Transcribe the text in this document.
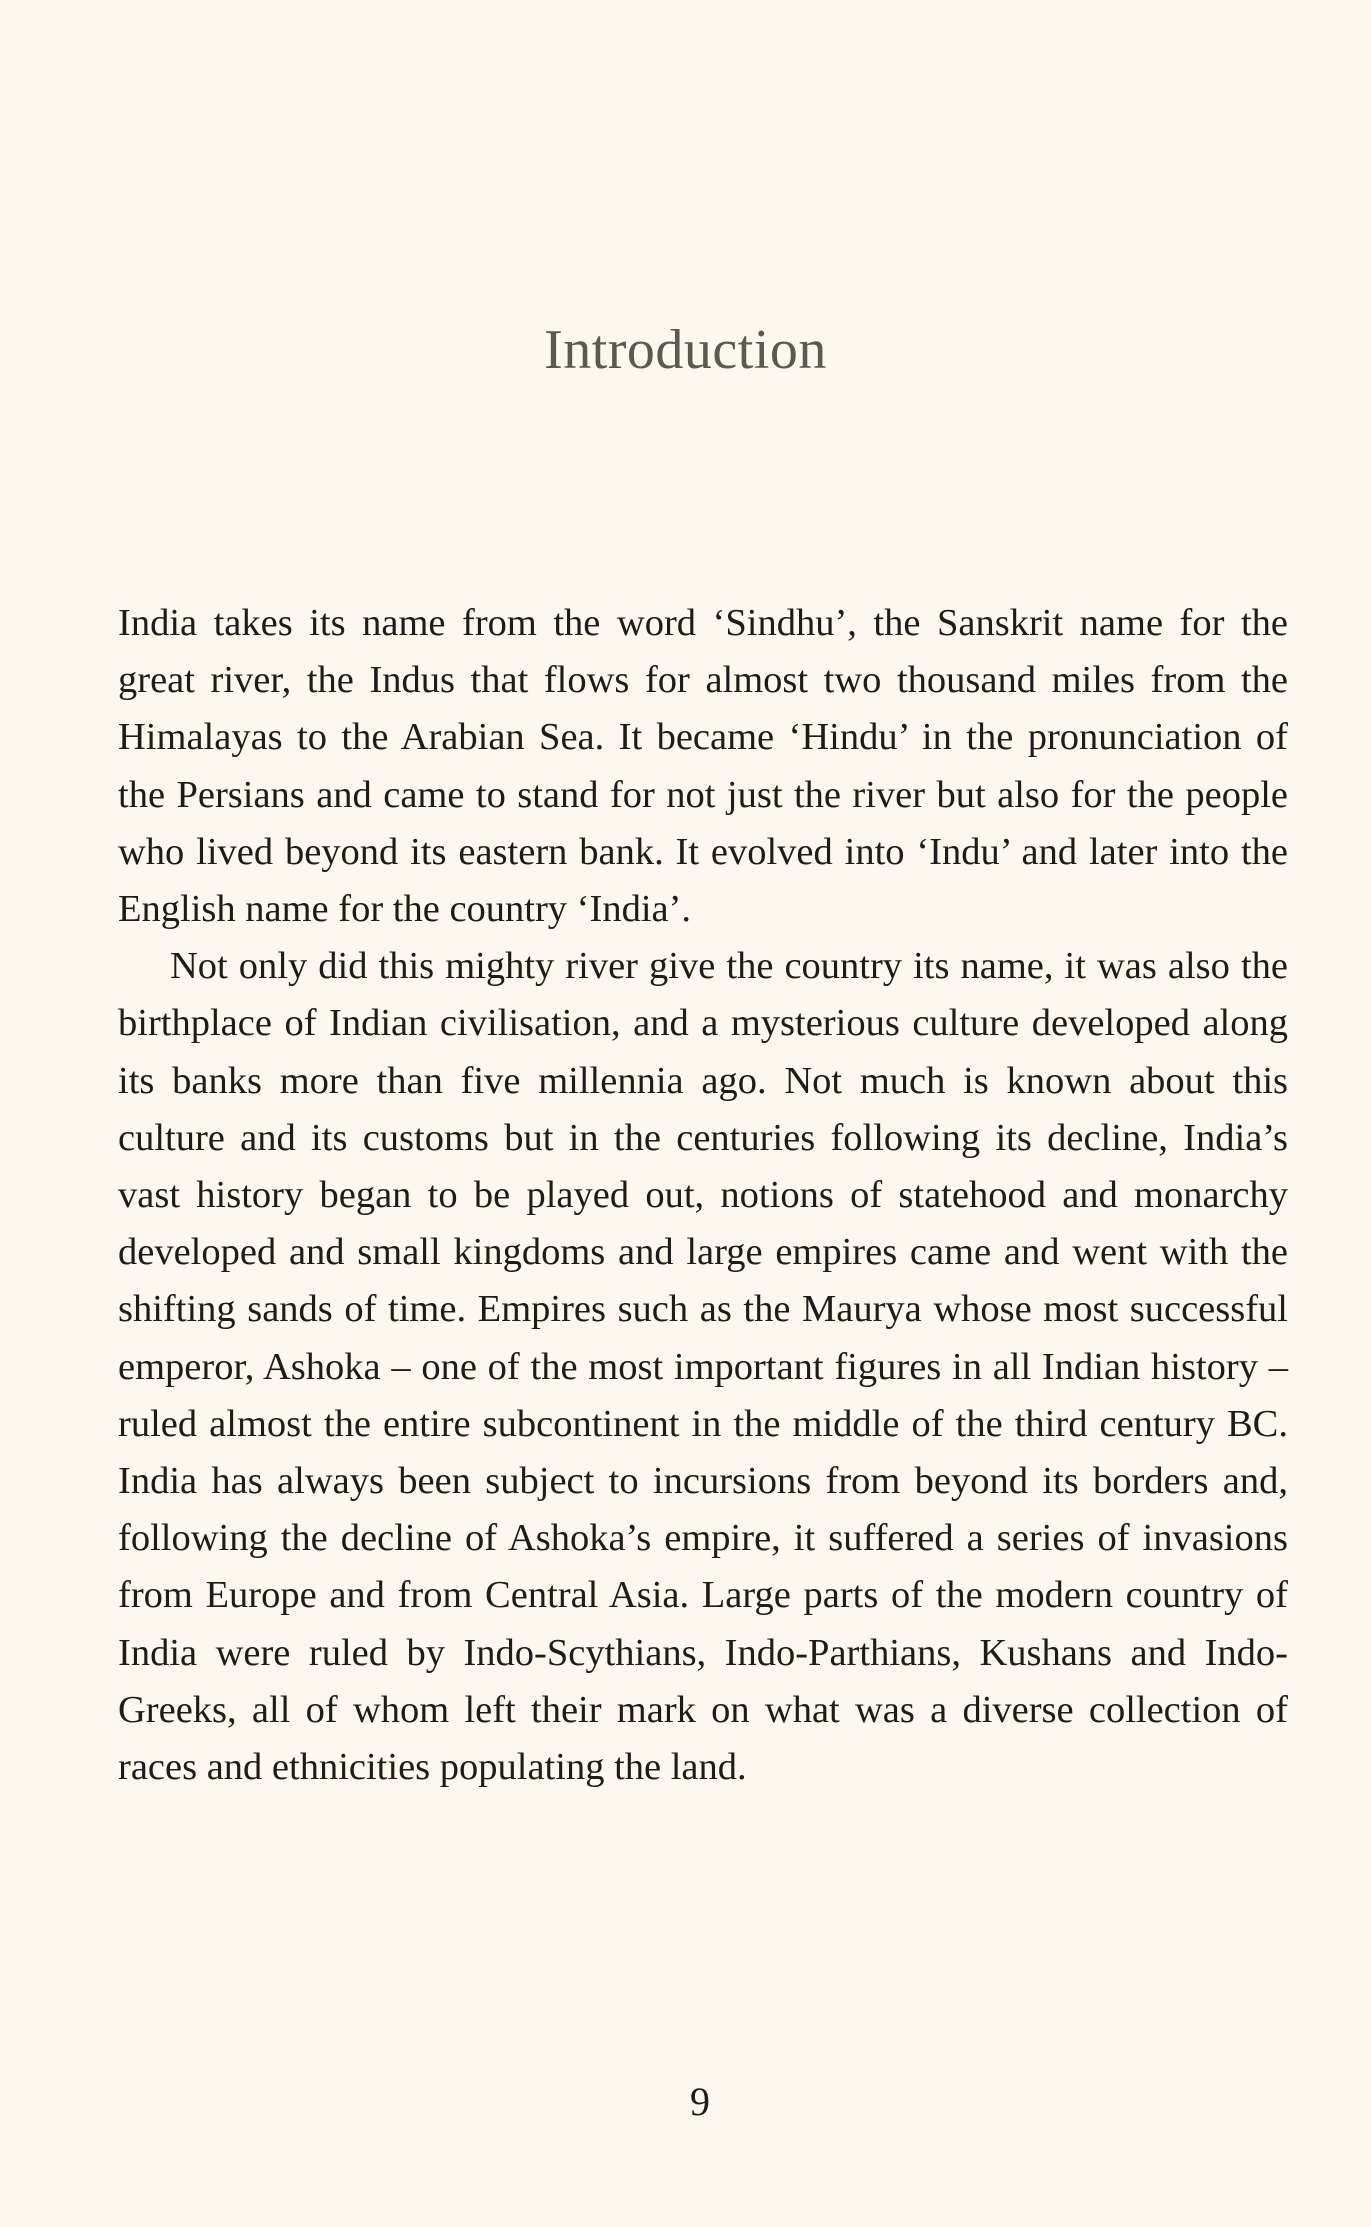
Introduction

India takes its name from the word ‘Sindhu’, the Sanskrit name for the great river, the Indus that flows for almost two thousand miles from the Himalayas to the Arabian Sea. It became ‘Hindu’ in the pronunciation of the Persians and came to stand for not just the river but also for the people who lived beyond its eastern bank. It evolved into ‘Indu’ and later into the English name for the country ‘India’.

Not only did this mighty river give the country its name, it was also the birthplace of Indian civilisation, and a mysterious culture developed along its banks more than five millennia ago. Not much is known about this culture and its customs but in the centuries following its decline, India’s vast history began to be played out, notions of statehood and monarchy developed and small kingdoms and large empires came and went with the shifting sands of time. Empires such as the Maurya whose most successful emperor, Ashoka – one of the most important figures in all Indian history – ruled almost the entire subcontinent in the middle of the third century BC. India has always been subject to incursions from beyond its borders and, following the decline of Ashoka’s empire, it suffered a series of invasions from Europe and from Central Asia. Large parts of the modern country of India were ruled by Indo-Scythians, Indo-Parthians, Kushans and Indo-Greeks, all of whom left their mark on what was a diverse collection of races and ethnicities populating the land.

9
